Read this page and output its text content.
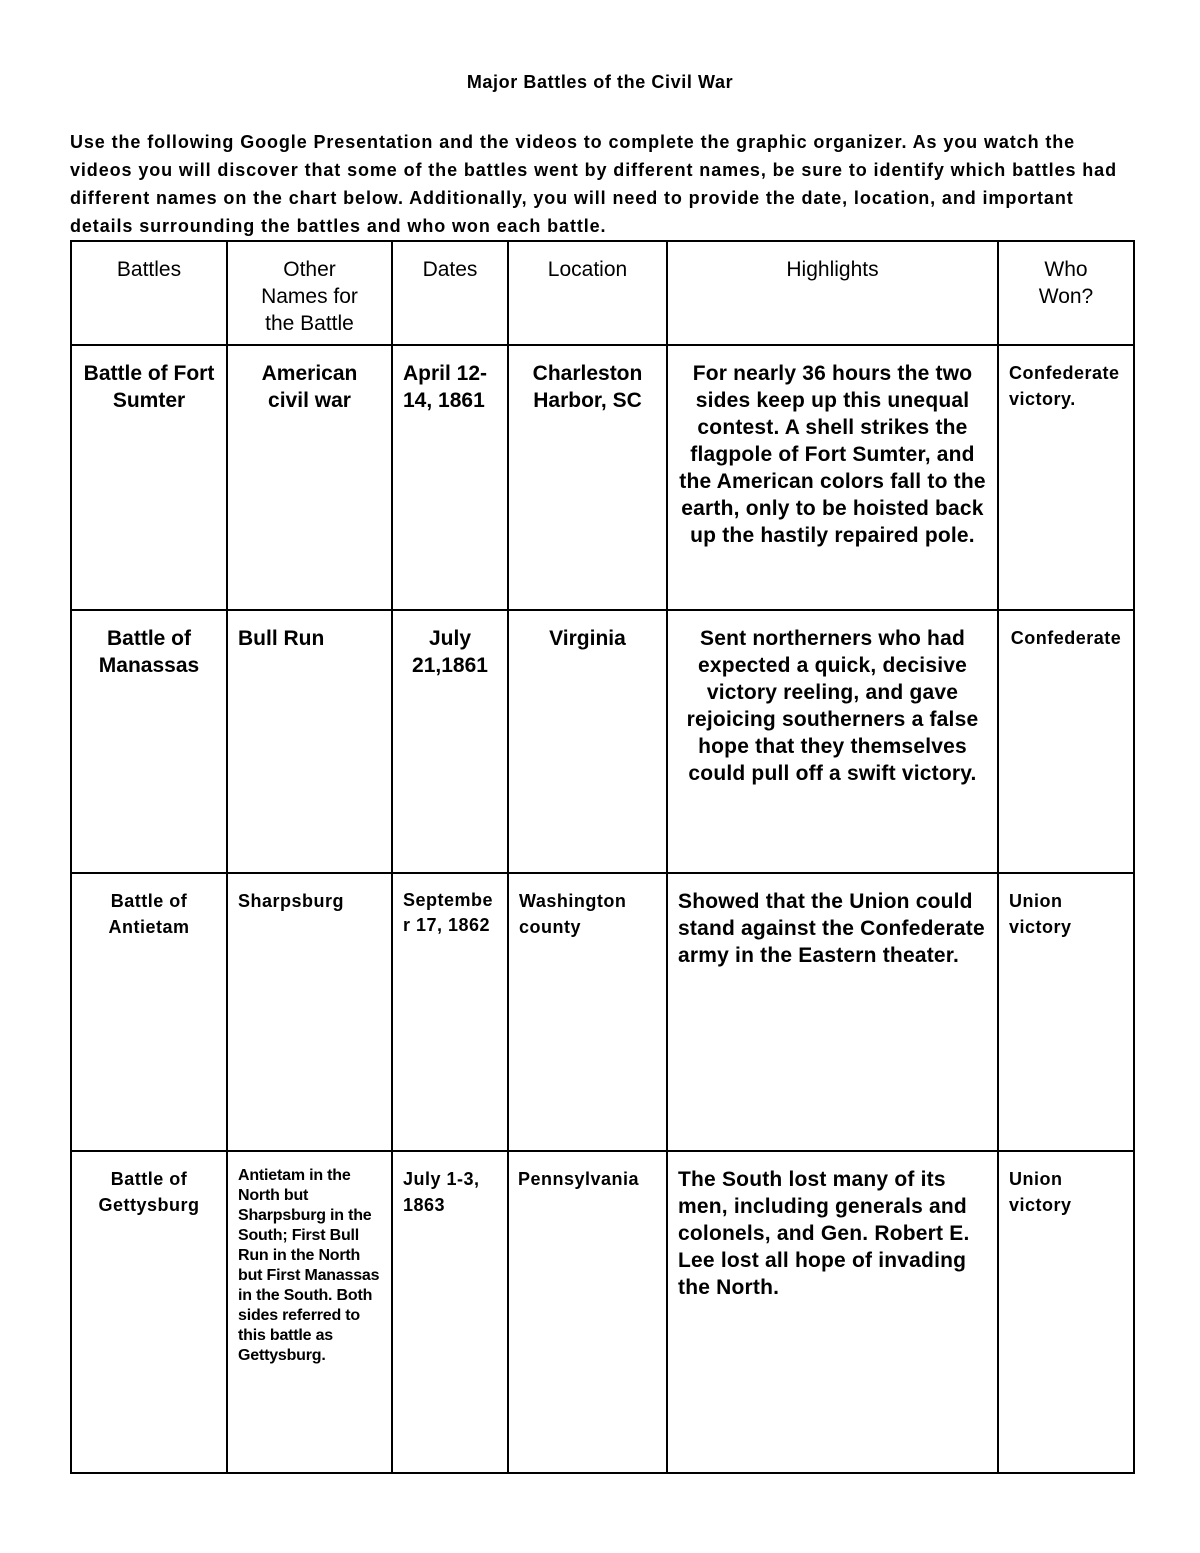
Major Battles of the Civil War

Use the following Google Presentation and the videos to complete the graphic organizer. As you watch the videos you will discover that some of the battles went by different names, be sure to identify which battles had different names on the chart below. Additionally, you will need to provide the date, location, and important details surrounding the battles and who won each battle.

Battles	Other Names for the Battle	Dates	Location	Highlights	Who Won?

Battle of Fort Sumter	American civil war	April 12-14, 1861	Charleston Harbor, SC	For nearly 36 hours the two sides keep up this unequal contest. A shell strikes the flagpole of Fort Sumter, and the American colors fall to the earth, only to be hoisted back up the hastily repaired pole.	Confederate victory.

Battle of Manassas	Bull Run	July 21,1861	Virginia	Sent northerners who had expected a quick, decisive victory reeling, and gave rejoicing southerners a false hope that they themselves could pull off a swift victory.	Confederate

Battle of Antietam	Sharpsburg	September 17, 1862	Washington county	Showed that the Union could stand against the Confederate army in the Eastern theater.	Union victory

Battle of Gettysburg	Antietam in the North but Sharpsburg in the South; First Bull Run in the North but First Manassas in the South. Both sides referred to this battle as Gettysburg.	July 1-3, 1863	Pennsylvania	The South lost many of its men, including generals and colonels, and Gen. Robert E. Lee lost all hope of invading the North.	Union victory
